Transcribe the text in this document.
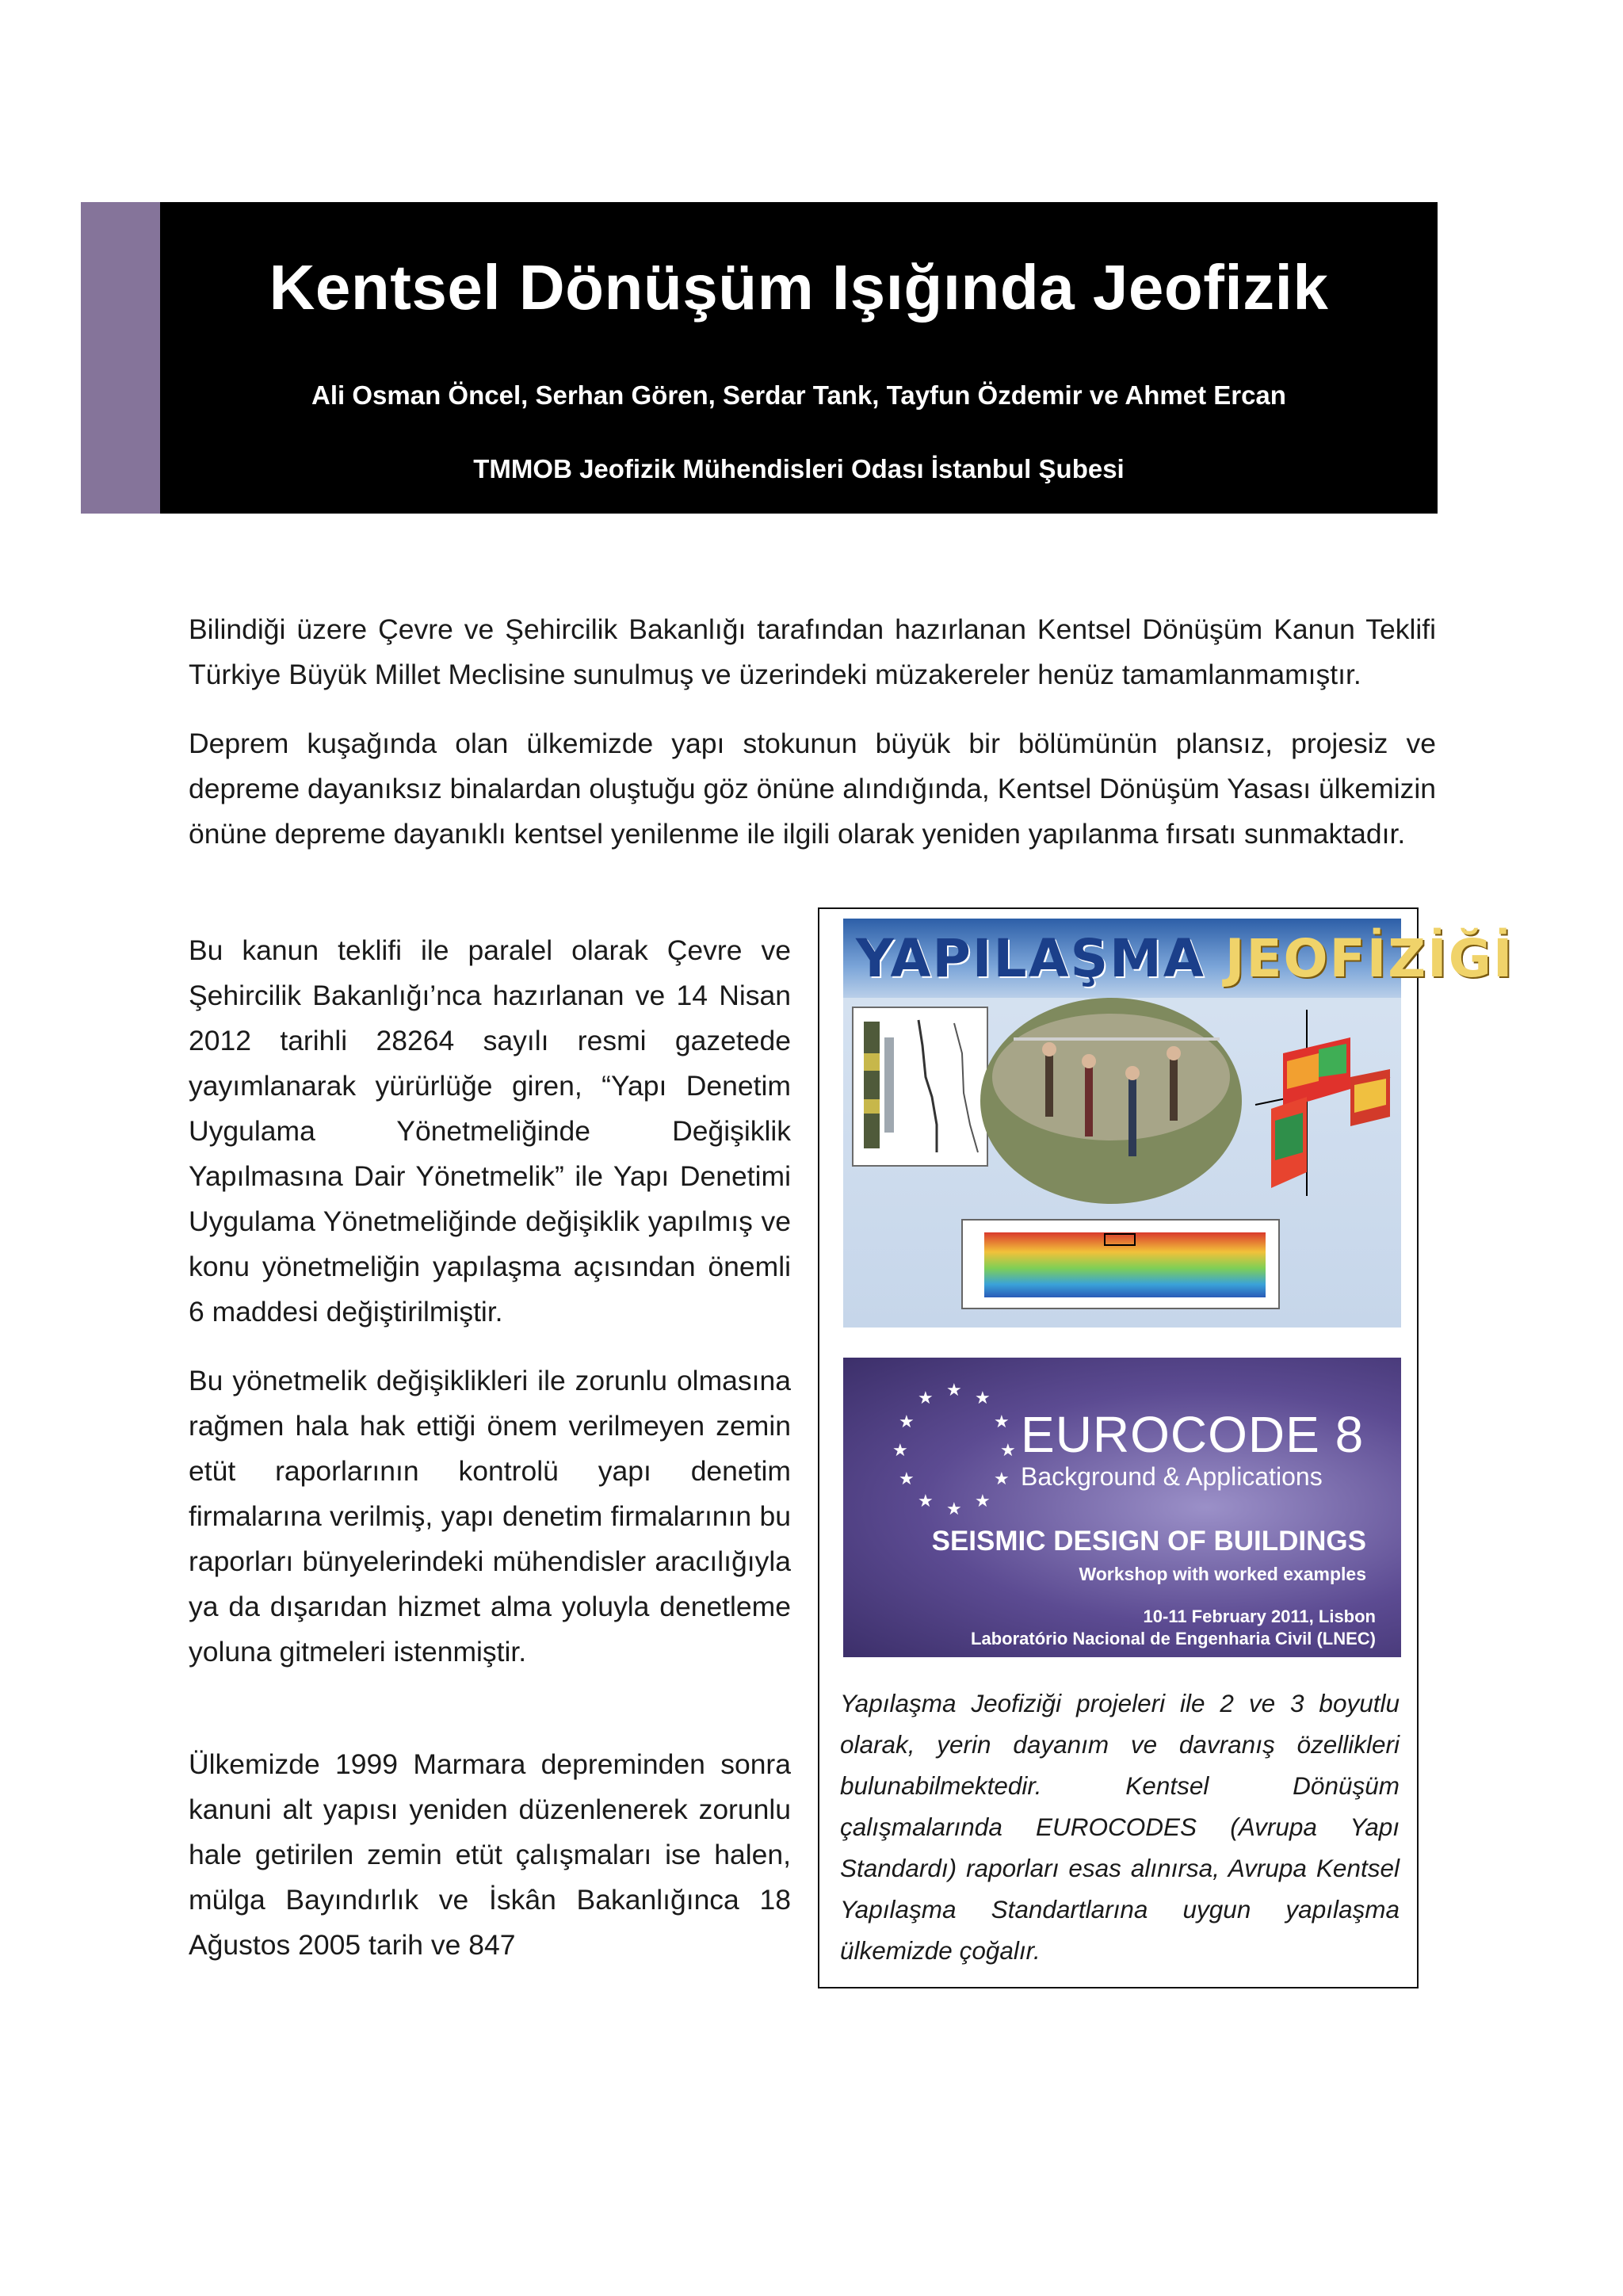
Kentsel Dönüşüm Işığında Jeofizik

Ali Osman Öncel, Serhan Gören, Serdar Tank, Tayfun Özdemir ve Ahmet Ercan

TMMOB Jeofizik Mühendisleri Odası İstanbul Şubesi

Bilindiği üzere Çevre ve Şehircilik Bakanlığı tarafından hazırlanan Kentsel Dönüşüm Kanun Teklifi Türkiye Büyük Millet Meclisine sunulmuş ve üzerindeki müzakereler henüz tamamlanmamıştır.

Deprem kuşağında olan ülkemizde yapı stokunun büyük bir bölümünün plansız, projesiz ve depreme dayanıksız binalardan oluştuğu göz önüne alındığında, Kentsel Dönüşüm Yasası ülkemizin önüne depreme dayanıklı kentsel yenilenme ile ilgili olarak yeniden yapılanma fırsatı sunmaktadır.

Bu kanun teklifi ile paralel olarak Çevre ve Şehircilik Bakanlığı’nca hazırlanan ve 14 Nisan 2012 tarihli 28264 sayılı resmi gazetede yayımlanarak yürürlüğe giren, “Yapı Denetim Uygulama Yönetmeliğinde Değişiklik Yapılmasına Dair Yönetmelik” ile Yapı Denetimi Uygulama Yönetmeliğinde değişiklik yapılmış ve konu yönetmeliğin yapılaşma açısından önemli 6 maddesi değiştirilmiştir.

Bu yönetmelik değişiklikleri ile zorunlu olmasına rağmen hala hak ettiği önem verilmeyen zemin etüt raporlarının kontrolü yapı denetim firmalarına verilmiş, yapı denetim firmalarının bu raporları bünyelerindeki mühendisler aracılığıyla ya da dışarıdan hizmet alma yoluyla denetleme yoluna gitmeleri istenmiştir.

Ülkemizde 1999 Marmara depreminden sonra kanuni alt yapısı yeniden düzenlenerek zorunlu hale getirilen zemin etüt çalışmaları ise halen, mülga Bayındırlık ve İskân Bakanlığınca 18 Ağustos 2005 tarih ve 847

YAPILAŞMA JEOFİZİĞİ

★ ★
★
★
★
★
★
★
★
★
★
★

EUROCODE 8

Background & Applications

SEISMIC DESIGN OF BUILDINGS

Workshop with worked examples

10-11 February 2011, Lisbon

Laboratório Nacional de Engenharia Civil (LNEC)

Yapılaşma Jeofiziği projeleri ile 2 ve 3 boyutlu olarak, yerin dayanım ve davranış özellikleri bulunabilmektedir. Kentsel Dönüşüm çalışmalarında EUROCODES (Avrupa Yapı Standardı) raporları esas alınırsa, Avrupa Kentsel Yapılaşma Standartlarına uygun yapılaşma ülkemizde çoğalır.
